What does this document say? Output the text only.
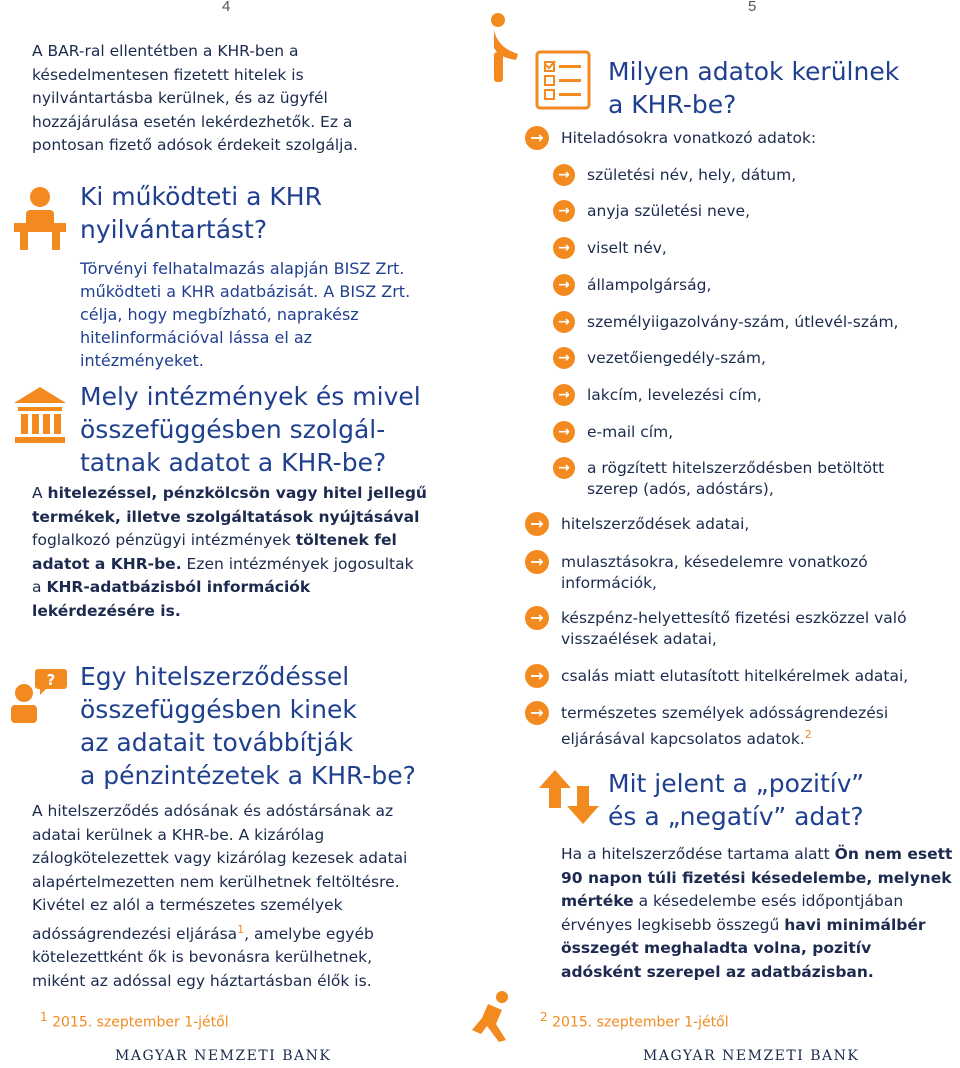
4
A BAR-ral ellentétben a KHR-ben a késedelmentesen fizetett hitelek is nyilvántartásba kerülnek, és az ügyfél hozzájárulása esetén lekérdezhetők. Ez a pontosan fizető adósok érdekeit szolgálja.
Ki működteti a KHR
nyilvántartást?
Törvényi felhatalmazás alapján BISZ Zrt. működteti a KHR adatbázisát. A BISZ Zrt. célja, hogy megbízható, naprakész hitelinformációval lássa el az intézményeket.
Mely intézmények és mivel
összefüggésben szolgál-
tatnak adatot a KHR-be?
A hitelezéssel, pénzkölcsön vagy hitel jellegű termékek, illetve szolgáltatások nyújtásával foglalkozó pénzügyi intézmények töltenek fel adatot a KHR-be. Ezen intézmények jogosultak a KHR-adatbázisból információk lekérdezésére is.
? Egy hitelszerződéssel
összefüggésben kinek
az adatait továbbítják
a pénzintézetek a KHR-be?
A hitelszerződés adósának és adóstársának az adatai kerülnek a KHR-be. A kizárólag zálogkötelezettek vagy kizárólag kezesek adatai alapértelmezetten nem kerülhetnek feltöltésre. Kivétel ez alól a természetes személyek adósságrendezési eljárása$^1$, amelybe egyéb kötelezettként ők is bevonásra kerülhetnek, miként az adóssal egy háztartásban élők is.
$^1$ 2015. szeptember 1-jétől
MAGYAR NEMZETI BANK
5
Milyen adatok kerülnek
a KHR-be?
→	Hiteladósokra vonatkozó adatok:
→	születési név, hely, dátum,
→	anyja születési neve,
→	viselt név,
→	állampolgárság,
→	személyiigazolvány-szám, útlevél-szám,
→	vezetőiengedély-szám,
→	lakcím, levelezési cím,
→	e-mail cím,
→	a rögzített hitelszerződésben betöltött szerep (adós, adóstárs),
→	hitelszerződések adatai,
→	mulasztásokra, késedelemre vonatkozó információk,
→	készpénz-helyettesítő fizetési eszközzel való visszaélések adatai,
→	csalás miatt elutasított hitelkérelmek adatai,
→	természetes személyek adósságrendezési eljárásával kapcsolatos adatok.$^2$
Mit jelent a „pozitív”
és a „negatív” adat?
Ha a hitelszerződése tartama alatt Ön nem esett 90 napon túli fizetési késedelembe, melynek mértéke a késedelembe esés időpontjában érvényes legkisebb összegű havi minimálbér összegét meghaladta volna, pozitív adósként szerepel az adatbázisban.
$^2$ 2015. szeptember 1-jétől
MAGYAR NEMZETI BANK
